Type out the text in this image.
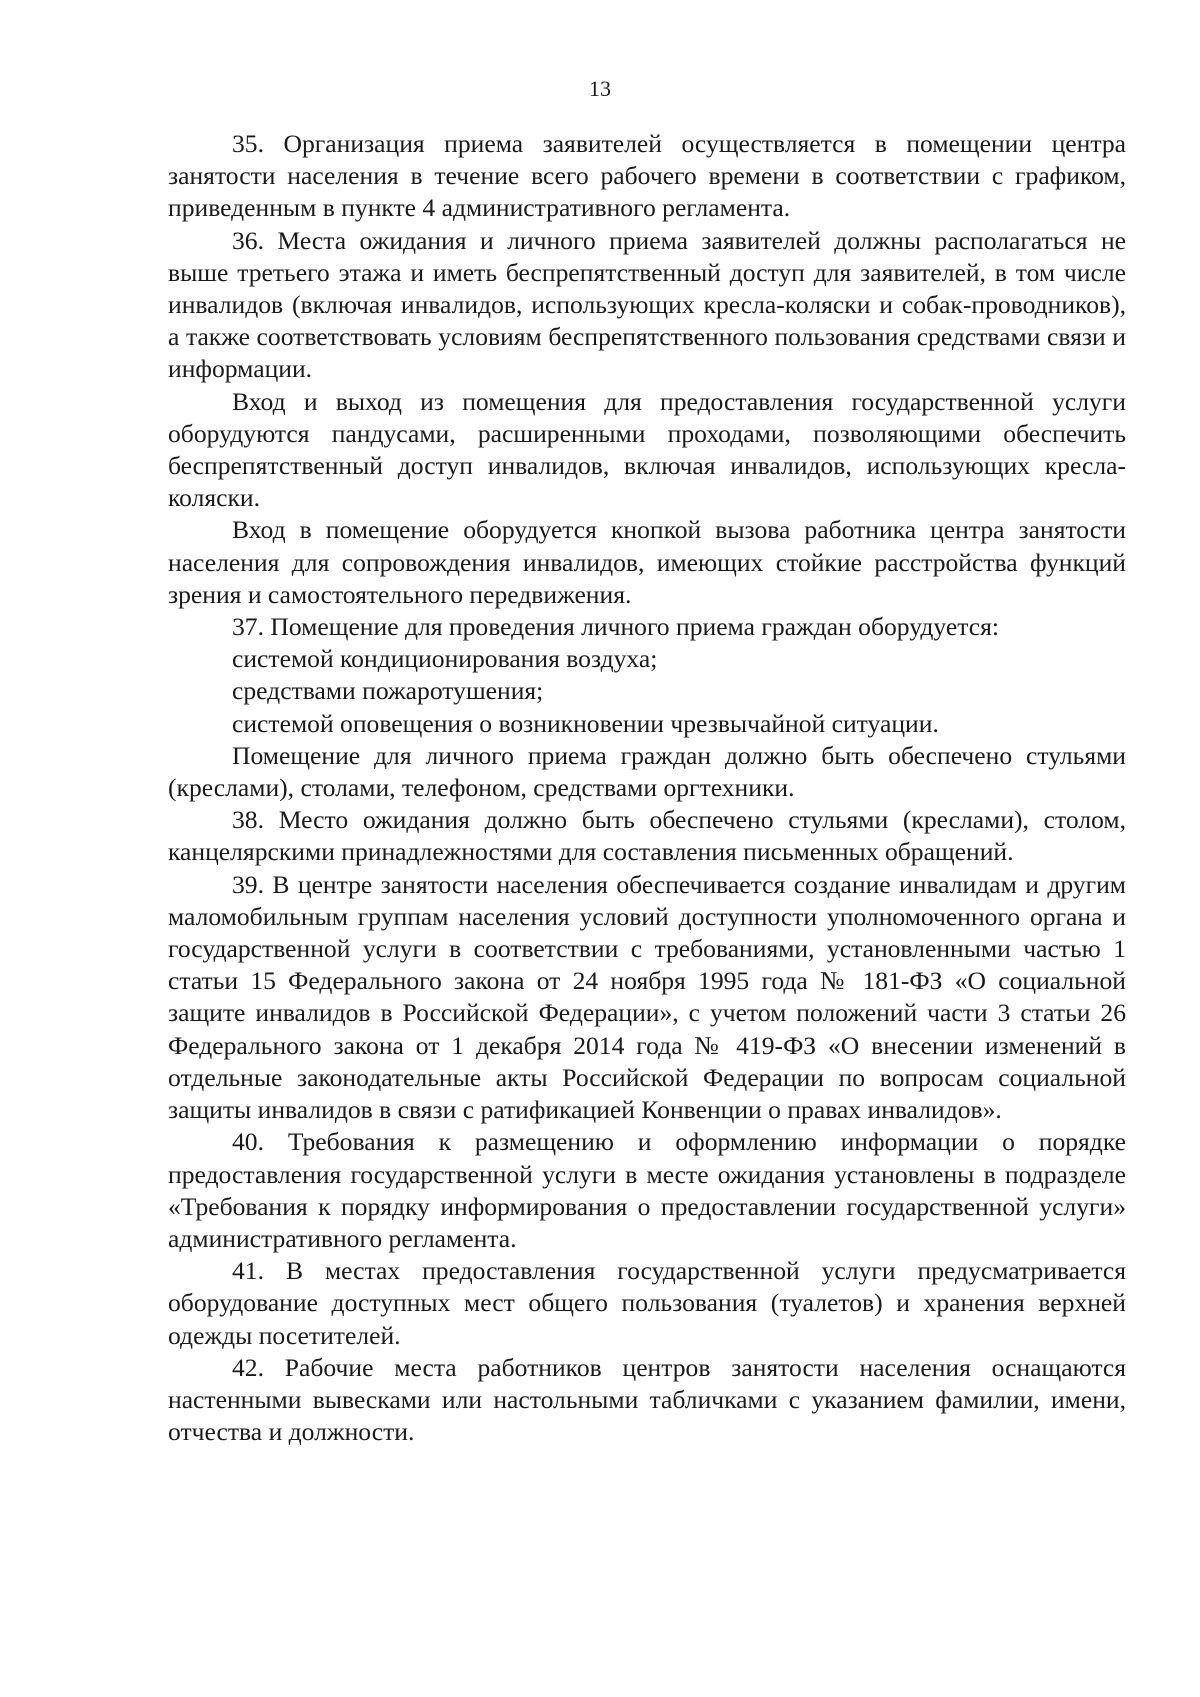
13

35. Организация приема заявителей осуществляется в помещении центра занятости населения в течение всего рабочего времени в соответствии с графиком, приведенным в пункте 4 административного регламента.

36. Места ожидания и личного приема заявителей должны располагаться не выше третьего этажа и иметь беспрепятственный доступ для заявителей, в том числе инвалидов (включая инвалидов, использующих кресла-коляски и собак-проводников), а также соответствовать условиям беспрепятственного пользования средствами связи и информации.

Вход и выход из помещения для предоставления государственной услуги оборудуются пандусами, расширенными проходами, позволяющими обеспечить беспрепятственный доступ инвалидов, включая инвалидов, использующих кресла-коляски.

Вход в помещение оборудуется кнопкой вызова работника центра занятости населения для сопровождения инвалидов, имеющих стойкие расстройства функций зрения и самостоятельного передвижения.

37. Помещение для проведения личного приема граждан оборудуется:

системой кондиционирования воздуха;

средствами пожаротушения;

системой оповещения о возникновении чрезвычайной ситуации.

Помещение для личного приема граждан должно быть обеспечено стульями (креслами), столами, телефоном, средствами оргтехники.

38. Место ожидания должно быть обеспечено стульями (креслами), столом, канцелярскими принадлежностями для составления письменных обращений.

39. В центре занятости населения обеспечивается создание инвалидам и другим маломобильным группам населения условий доступности уполномоченного органа и государственной услуги в соответствии с требованиями, установленными частью 1 статьи 15 Федерального закона от 24 ноября 1995 года № 181-ФЗ «О социальной защите инвалидов в Российской Федерации», с учетом положений части 3 статьи 26 Федерального закона от 1 декабря 2014 года № 419-ФЗ «О внесении изменений в отдельные законодательные акты Российской Федерации по вопросам социальной защиты инвалидов в связи с ратификацией Конвенции о правах инвалидов».

40. Требования к размещению и оформлению информации о порядке предоставления государственной услуги в месте ожидания установлены в подразделе «Требования к порядку информирования о предоставлении государственной услуги» административного регламента.

41. В местах предоставления государственной услуги предусматривается оборудование доступных мест общего пользования (туалетов) и хранения верхней одежды посетителей.

42. Рабочие места работников центров занятости населения оснащаются настенными вывесками или настольными табличками с указанием фамилии, имени, отчества и должности.
